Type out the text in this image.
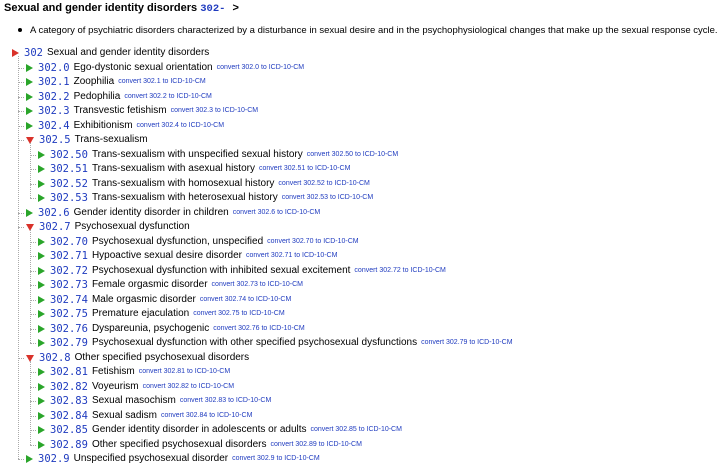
Sexual and gender identity disorders 302- >
A category of psychiatric disorders characterized by a disturbance in sexual desire and in the psychophysiological changes that make up the sexual response cycle.
302 Sexual and gender identity disorders
302.0 Ego-dystonic sexual orientation convert 302.0 to ICD-10-CM
302.1 Zoophilia convert 302.1 to ICD-10-CM
302.2 Pedophilia convert 302.2 to ICD-10-CM
302.3 Transvestic fetishism convert 302.3 to ICD-10-CM
302.4 Exhibitionism convert 302.4 to ICD-10-CM
302.5 Trans-sexualism
302.50 Trans-sexualism with unspecified sexual history convert 302.50 to ICD-10-CM
302.51 Trans-sexualism with asexual history convert 302.51 to ICD-10-CM
302.52 Trans-sexualism with homosexual history convert 302.52 to ICD-10-CM
302.53 Trans-sexualism with heterosexual history convert 302.53 to ICD-10-CM
302.6 Gender identity disorder in children convert 302.6 to ICD-10-CM
302.7 Psychosexual dysfunction
302.70 Psychosexual dysfunction, unspecified convert 302.70 to ICD-10-CM
302.71 Hypoactive sexual desire disorder convert 302.71 to ICD-10-CM
302.72 Psychosexual dysfunction with inhibited sexual excitement convert 302.72 to ICD-10-CM
302.73 Female orgasmic disorder convert 302.73 to ICD-10-CM
302.74 Male orgasmic disorder convert 302.74 to ICD-10-CM
302.75 Premature ejaculation convert 302.75 to ICD-10-CM
302.76 Dyspareunia, psychogenic convert 302.76 to ICD-10-CM
302.79 Psychosexual dysfunction with other specified psychosexual dysfunctions convert 302.79 to ICD-10-CM
302.8 Other specified psychosexual disorders
302.81 Fetishism convert 302.81 to ICD-10-CM
302.82 Voyeurism convert 302.82 to ICD-10-CM
302.83 Sexual masochism convert 302.83 to ICD-10-CM
302.84 Sexual sadism convert 302.84 to ICD-10-CM
302.85 Gender identity disorder in adolescents or adults convert 302.85 to ICD-10-CM
302.89 Other specified psychosexual disorders convert 302.89 to ICD-10-CM
302.9 Unspecified psychosexual disorder convert 302.9 to ICD-10-CM
